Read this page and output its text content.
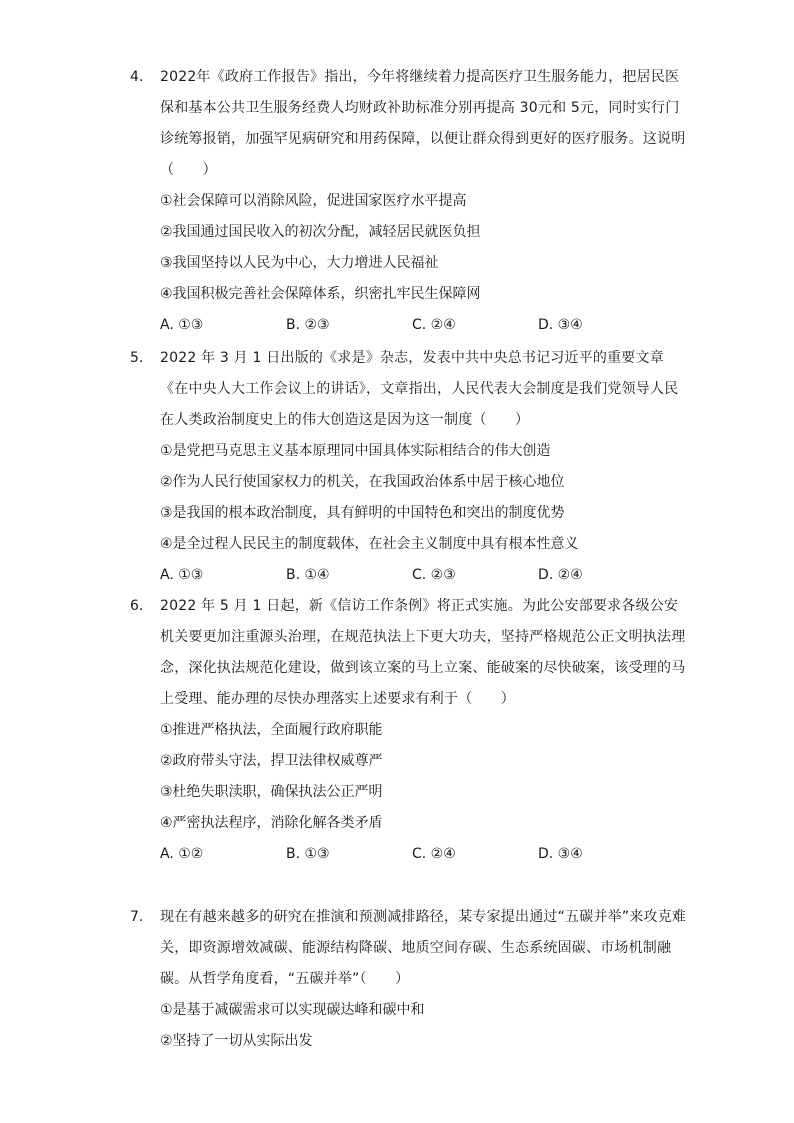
4.	2022年《政府工作报告》指出，今年将继续着力提高医疗卫生服务能力，把居民医保和基本公共卫生服务经费人均财政补助标准分别再提高 30元和 5元，同时实行门诊统筹报销，加强罕见病研究和用药保障，以便让群众得到更好的医疗服务。这说明（　　）
①社会保障可以消除风险，促进国家医疗水平提高
②我国通过国民收入的初次分配，减轻居民就医负担
③我国坚持以人民为中心，大力增进人民福祉
④我国积极完善社会保障体系，织密扎牢民生保障网
A. ①③	B. ②③	C. ②④	D. ③④
5.	2022 年 3 月 1 日出版的《求是》杂志，发表中共中央总书记习近平的重要文章《在中央人大工作会议上的讲话》，文章指出，人民代表大会制度是我们党领导人民在人类政治制度史上的伟大创造这是因为这一制度（　　）
①是党把马克思主义基本原理同中国具体实际相结合的伟大创造
②作为人民行使国家权力的机关，在我国政治体系中居于核心地位
③是我国的根本政治制度，具有鲜明的中国特色和突出的制度优势
④是全过程人民民主的制度载体，在社会主义制度中具有根本性意义
A. ①③	B. ①④	C. ②③	D. ②④
6.	2022 年 5 月 1 日起，新《信访工作条例》将正式实施。为此公安部要求各级公安机关要更加注重源头治理，在规范执法上下更大功夫，坚持严格规范公正文明执法理念，深化执法规范化建设，做到该立案的马上立案、能破案的尽快破案，该受理的马上受理、能办理的尽快办理落实上述要求有利于（　　）
①推进严格执法，全面履行政府职能
②政府带头守法，捍卫法律权威尊严
③杜绝失职渎职，确保执法公正严明
④严密执法程序，消除化解各类矛盾
A. ①②	B. ①③	C. ②④	D. ③④
7.	现在有越来越多的研究在推演和预测减排路径，某专家提出通过“五碳并举”来攻克难关，即资源增效减碳、能源结构降碳、地质空间存碳、生态系统固碳、市场机制融碳。从哲学角度看，“五碳并举”（　　）
①是基于减碳需求可以实现碳达峰和碳中和
②坚持了一切从实际出发
